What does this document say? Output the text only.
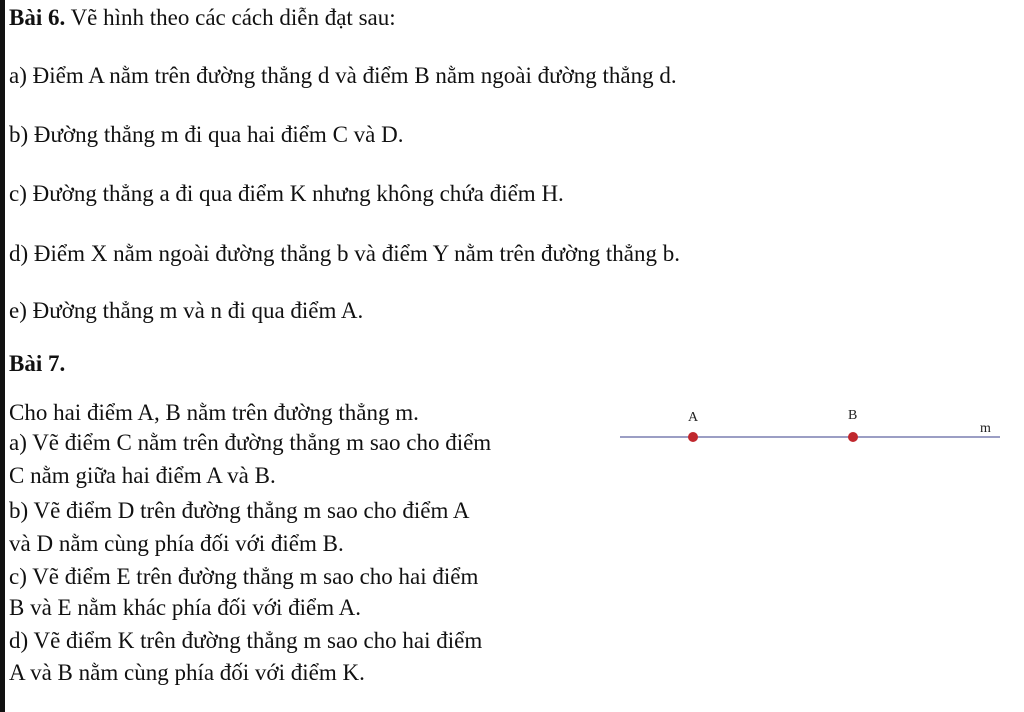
Bài 6. Vẽ hình theo các cách diễn đạt sau:
a) Điểm A nằm trên đường thẳng d và điểm B nằm ngoài đường thẳng d.
b) Đường thẳng m đi qua hai điểm C và D.
c) Đường thẳng a đi qua điểm K nhưng không chứa điểm H.
d) Điểm X nằm ngoài đường thẳng b và điểm Y nằm trên đường thẳng b.
e) Đường thẳng m và n đi qua điểm A.
Bài 7.
Cho hai điểm A, B nằm trên đường thẳng m.
a) Vẽ điểm C nằm trên đường thẳng m sao cho điểm
C nằm giữa hai điểm A và B.
b) Vẽ điểm D trên đường thẳng m sao cho điểm A
và D nằm cùng phía đối với điểm B.
c) Vẽ điểm E trên đường thẳng m sao cho hai điểm
B và E nằm khác phía đối với điểm A.
d) Vẽ điểm K trên đường thẳng m sao cho hai điểm
A và B nằm cùng phía đối với điểm K.
A	B
m
